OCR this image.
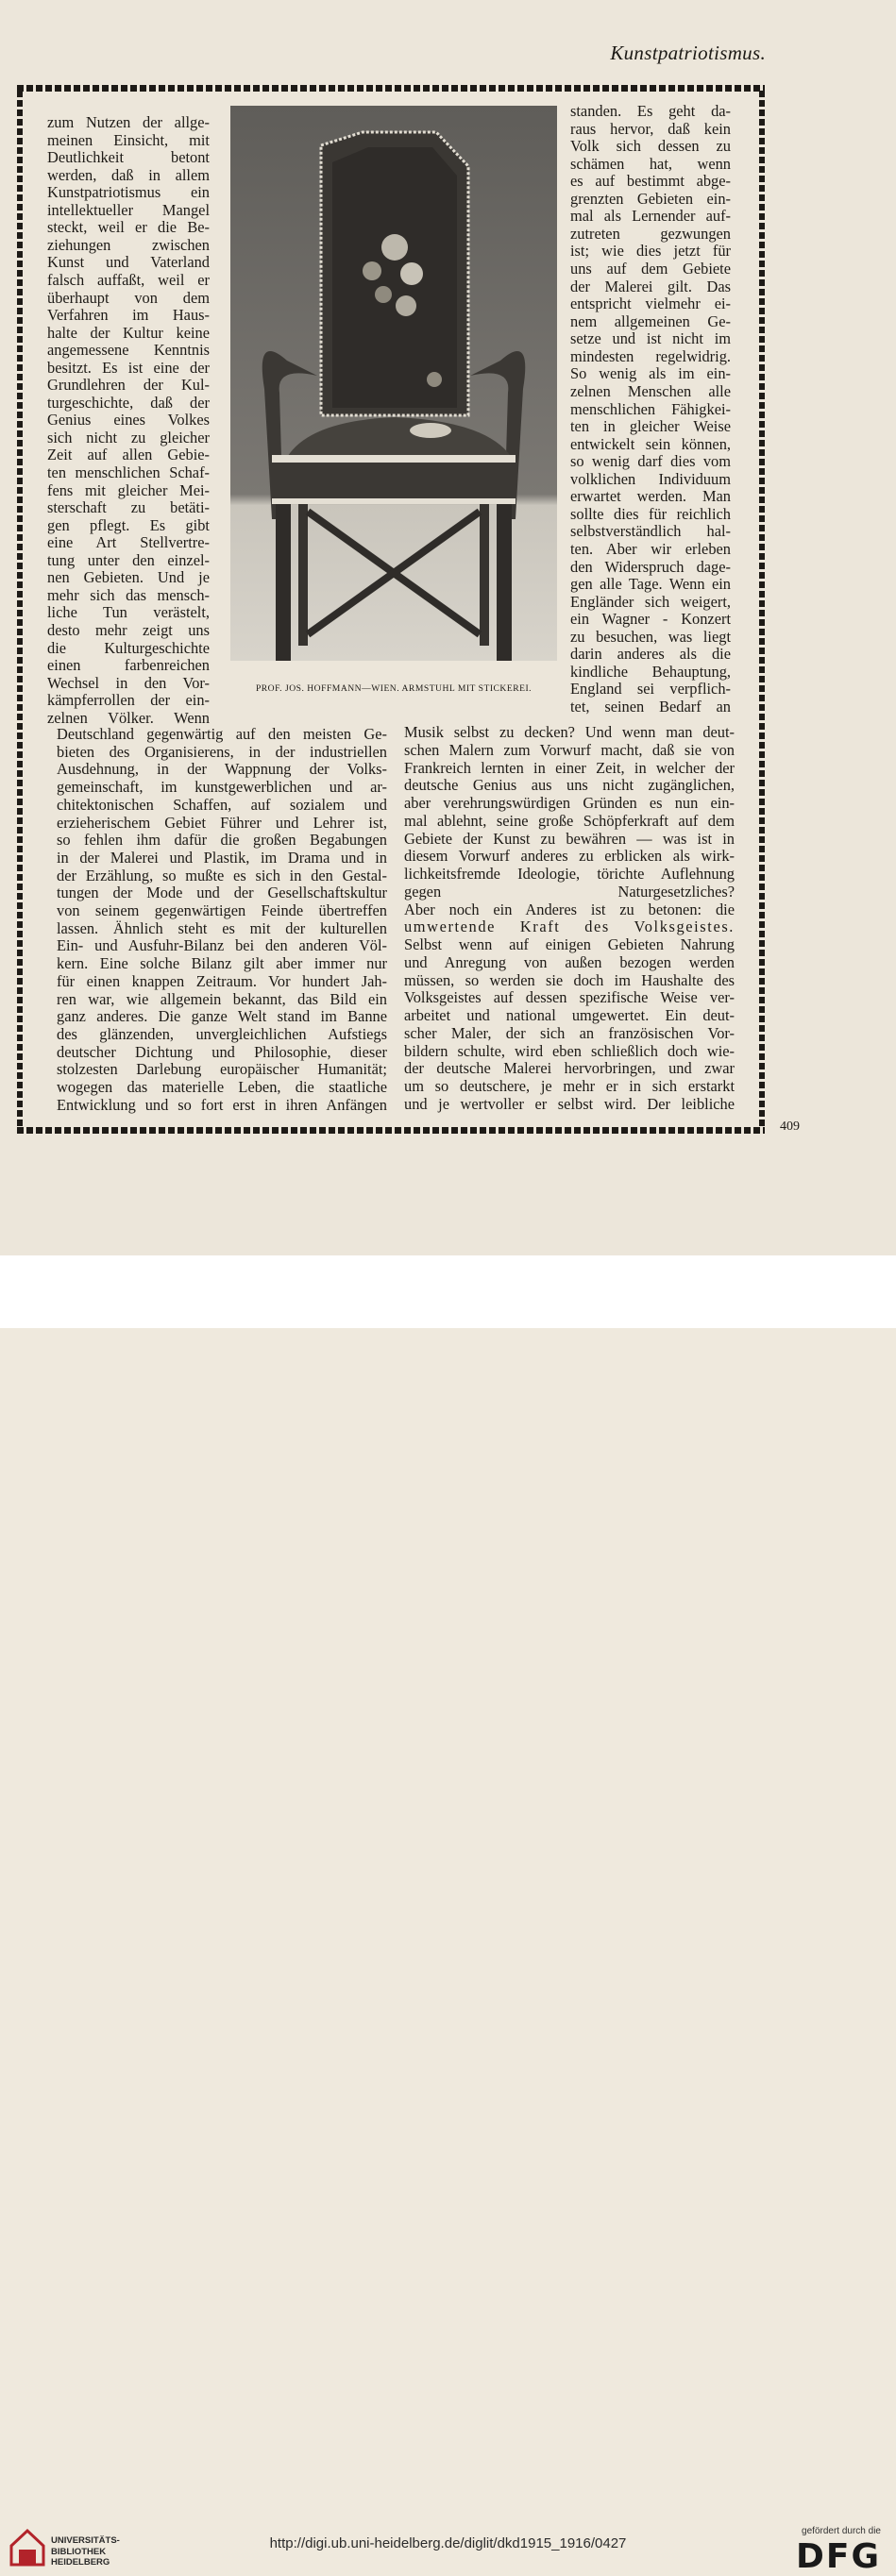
Kunstpatriotismus.
zum Nutzen der allge-
meinen Einsicht, mit
Deutlichkeit betont
werden, daß in allem
Kunstpatriotismus ein
intellektueller Mangel
steckt, weil er die Be-
ziehungen zwischen
Kunst und Vaterland
falsch auffaßt, weil er
überhaupt von dem
Verfahren im Haus-
halte der Kultur keine
angemessene Kenntnis
besitzt. Es ist eine der
Grundlehren der Kul-
turgeschichte, daß der
Genius eines Volkes
sich nicht zu gleicher
Zeit auf allen Gebie-
ten menschlichen Schaf-
fens mit gleicher Mei-
sterschaft zu betäti-
gen pflegt. Es gibt
eine Art Stellvertre-
tung unter den einzel-
nen Gebieten. Und je
mehr sich das mensch-
liche Tun verästelt,
desto mehr zeigt uns
die Kulturgeschichte
einen farbenreichen
Wechsel in den Vor-
kämpferrollen der ein-
zelnen Völker. Wenn
standen. Es geht da-
raus hervor, daß kein
Volk sich dessen zu
schämen hat, wenn
es auf bestimmt abge-
grenzten Gebieten ein-
mal als Lernender auf-
zutreten gezwungen
ist; wie dies jetzt für
uns auf dem Gebiete
der Malerei gilt. Das
entspricht vielmehr ei-
nem allgemeinen Ge-
setze und ist nicht im
mindesten regelwidrig.
So wenig als im ein-
zelnen Menschen alle
menschlichen Fähigkei-
ten in gleicher Weise
entwickelt sein können,
so wenig darf dies vom
volklichen Individuum
erwartet werden. Man
sollte dies für reichlich
selbstverständlich hal-
ten. Aber wir erleben
den Widerspruch dage-
gen alle Tage. Wenn ein
Engländer sich weigert,
ein Wagner - Konzert
zu besuchen, was liegt
darin anderes als die
kindliche Behauptung,
England sei verpflich-
tet, seinen Bedarf an
Deutschland gegenwärtig auf den meisten Ge-
bieten des Organisierens, in der industriellen
Ausdehnung, in der Wappnung der Volks-
gemeinschaft, im kunstgewerblichen und ar-
chitektonischen Schaffen, auf sozialem und
erzieherischem Gebiet Führer und Lehrer ist,
so fehlen ihm dafür die großen Begabungen
in der Malerei und Plastik, im Drama und in
der Erzählung, so mußte es sich in den Gestal-
tungen der Mode und der Gesellschaftskultur
von seinem gegenwärtigen Feinde übertreffen
lassen. Ähnlich steht es mit der kulturellen
Ein- und Ausfuhr-Bilanz bei den anderen Völ-
kern. Eine solche Bilanz gilt aber immer nur
für einen knappen Zeitraum. Vor hundert Jah-
ren war, wie allgemein bekannt, das Bild ein
ganz anderes. Die ganze Welt stand im Banne
des glänzenden, unvergleichlichen Aufstiegs
deutscher Dichtung und Philosophie, dieser
stolzesten Darlebung europäischer Humanität;
wogegen das materielle Leben, die staatliche
Entwicklung und so fort erst in ihren Anfängen
Musik selbst zu decken? Und wenn man deut-
schen Malern zum Vorwurf macht, daß sie von
Frankreich lernten in einer Zeit, in welcher der
deutsche Genius aus uns nicht zugänglichen,
aber verehrungswürdigen Gründen es nun ein-
mal ablehnt, seine große Schöpferkraft auf dem
Gebiete der Kunst zu bewähren — was ist in
diesem Vorwurf anderes zu erblicken als wirk-
lichkeitsfremde Ideologie, törichte Auflehnung
gegen Naturgesetzliches?
Aber noch ein Anderes ist zu betonen: die
umwertende Kraft des Volksgeistes.
Selbst wenn auf einigen Gebieten Nahrung
und Anregung von außen bezogen werden
müssen, so werden sie doch im Haushalte des
Volksgeistes auf dessen spezifische Weise ver-
arbeitet und national umgewertet. Ein deut-
scher Maler, der sich an französischen Vor-
bildern schulte, wird eben schließlich doch wie-
der deutsche Malerei hervorbringen, und zwar
um so deutschere, je mehr er in sich erstarkt
und je wertvoller er selbst wird. Der leibliche
PROF. JOS. HOFFMANN—WIEN. ARMSTUHL MIT STICKEREI.
409
UNIVERSITÄTS-
BIBLIOTHEK
HEIDELBERG
http://digi.ub.uni-heidelberg.de/diglit/dkd1915_1916/0427
gefördert durch die
DFG
